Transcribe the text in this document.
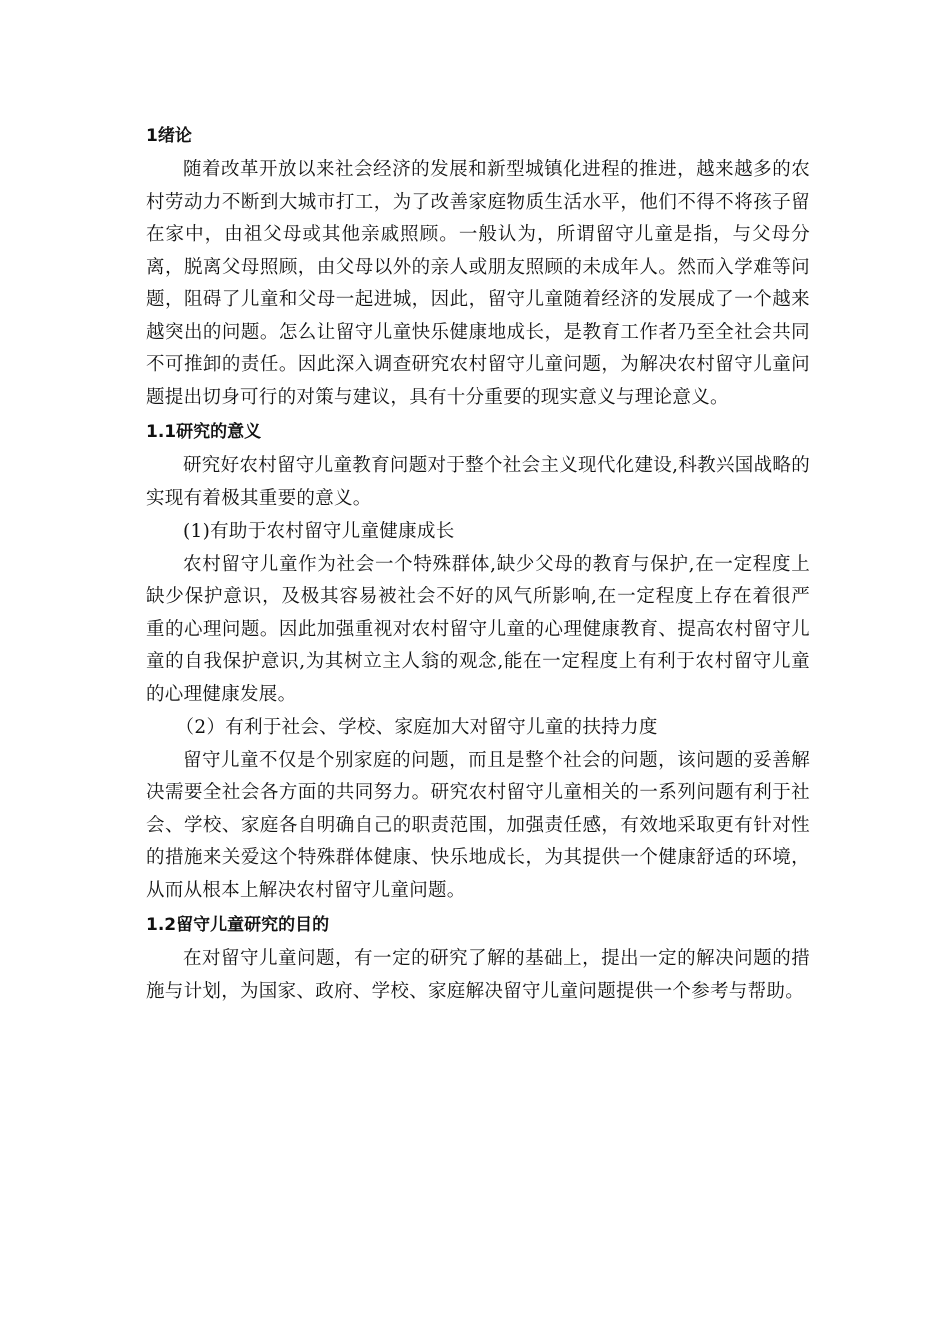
1绪论

随着改革开放以来社会经济的发展和新型城镇化进程的推进，越来越多的农村劳动力不断到大城市打工，为了改善家庭物质生活水平，他们不得不将孩子留在家中，由祖父母或其他亲戚照顾。一般认为，所谓留守儿童是指，与父母分离，脱离父母照顾，由父母以外的亲人或朋友照顾的未成年人。然而入学难等问题，阻碍了儿童和父母一起进城，因此，留守儿童随着经济的发展成了一个越来越突出的问题。怎么让留守儿童快乐健康地成长，是教育工作者乃至全社会共同不可推卸的责任。因此深入调查研究农村留守儿童问题，为解决农村留守儿童问题提出切身可行的对策与建议，具有十分重要的现实意义与理论意义。

1.1研究的意义

研究好农村留守儿童教育问题对于整个社会主义现代化建设,科教兴国战略的实现有着极其重要的意义。

(1)有助于农村留守儿童健康成长

农村留守儿童作为社会一个特殊群体,缺少父母的教育与保护,在一定程度上缺少保护意识，及极其容易被社会不好的风气所影响,在一定程度上存在着很严重的心理问题。因此加强重视对农村留守儿童的心理健康教育、提高农村留守儿童的自我保护意识,为其树立主人翁的观念,能在一定程度上有利于农村留守儿童的心理健康发展。

（2）有利于社会、学校、家庭加大对留守儿童的扶持力度

留守儿童不仅是个别家庭的问题，而且是整个社会的问题，该问题的妥善解决需要全社会各方面的共同努力。研究农村留守儿童相关的一系列问题有利于社会、学校、家庭各自明确自己的职责范围，加强责任感，有效地采取更有针对性的措施来关爱这个特殊群体健康、快乐地成长，为其提供一个健康舒适的环境，从而从根本上解决农村留守儿童问题。

1.2留守儿童研究的目的

在对留守儿童问题，有一定的研究了解的基础上，提出一定的解决问题的措施与计划，为国家、政府、学校、家庭解决留守儿童问题提供一个参考与帮助。
